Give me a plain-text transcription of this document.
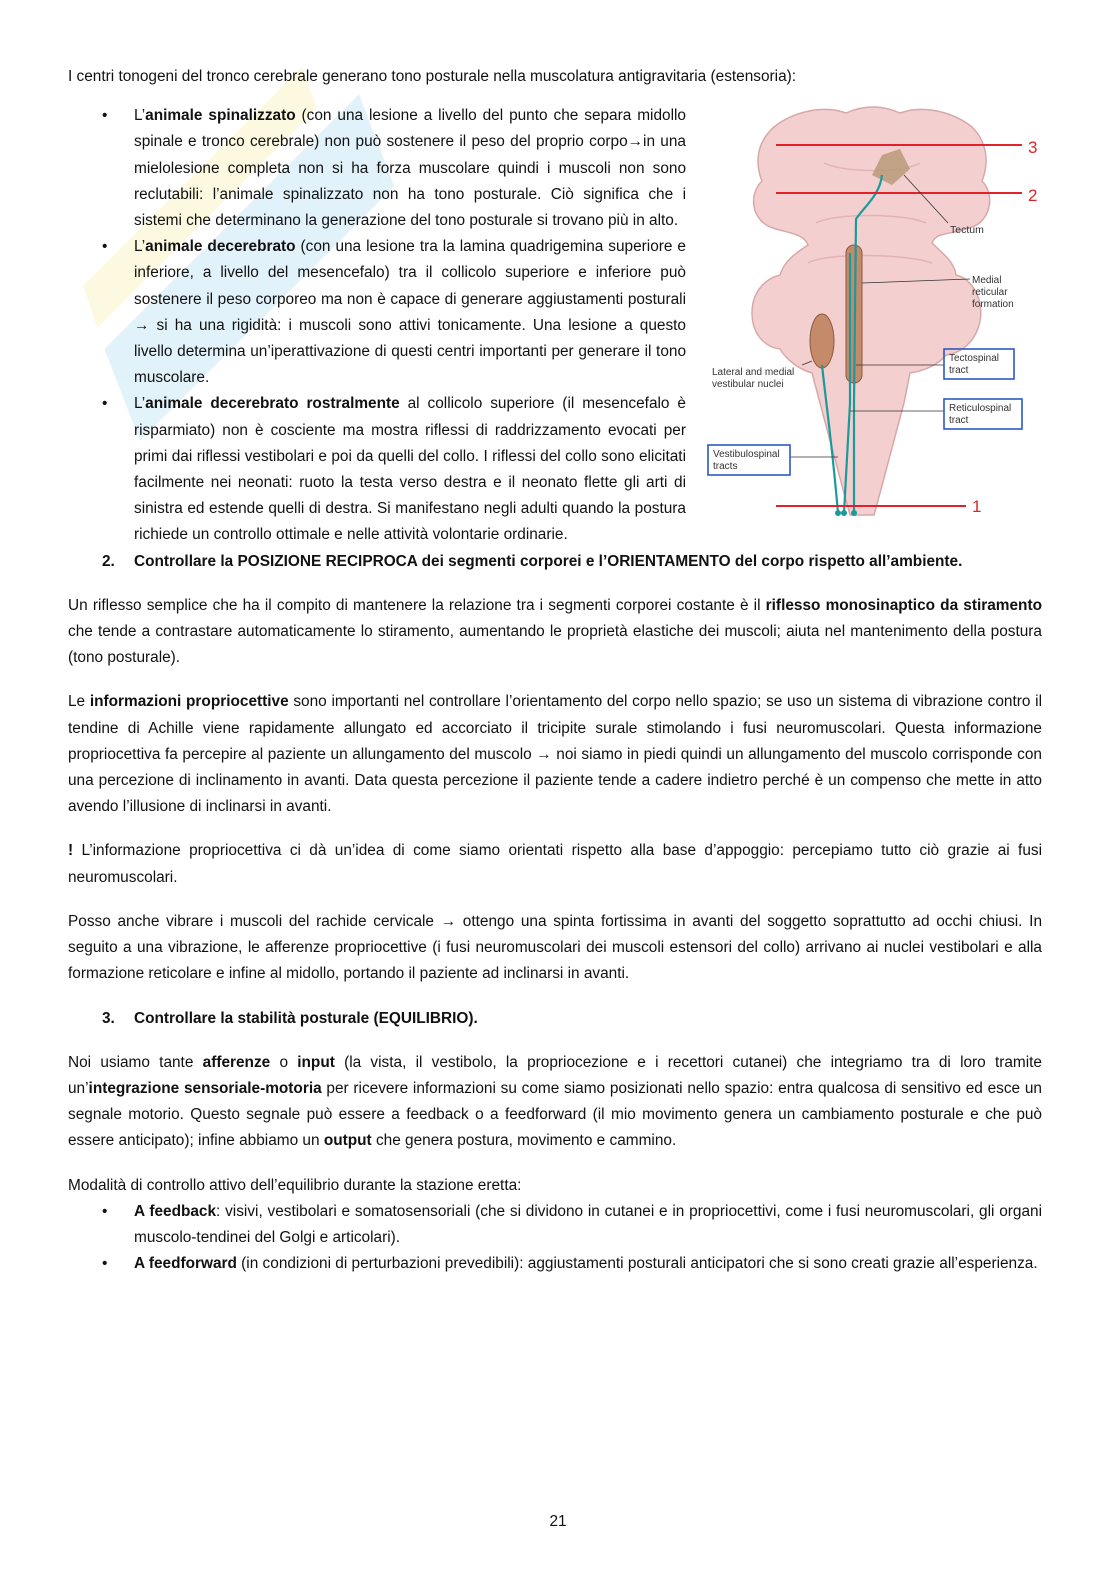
I centri tonogeni del tronco cerebrale generano tono posturale nella muscolatura antigravitaria (estensoria):

3
2
1
Tectum
Medial
reticular
formation
Tectospinal
tract
Reticulospinal
tract
Lateral and medial
vestibular nuclei
Vestibulospinal
tracts
• L’animale spinalizzato (con una lesione a livello del punto che separa midollo spinale e tronco cerebrale) non può sostenere il peso del proprio corpo→in una mielolesione completa non si ha forza muscolare quindi i muscoli non sono reclutabili: l’animale spinalizzato non ha tono posturale. Ciò significa che i sistemi che determinano la generazione del tono posturale si trovano più in alto.
• L’animale decerebrato (con una lesione tra la lamina quadrigemina superiore e inferiore, a livello del mesencefalo) tra il collicolo superiore e inferiore può sostenere il peso corporeo ma non è capace di generare aggiustamenti posturali → si ha una rigidità: i muscoli sono attivi tonicamente. Una lesione a questo livello determina un’iperattivazione di questi centri importanti per generare il tono muscolare.
• L’animale decerebrato rostralmente al collicolo superiore (il mesencefalo è risparmiato) non è cosciente ma mostra riflessi di raddrizzamento evocati per primi dai riflessi vestibolari e poi da quelli del collo. I riflessi del collo sono elicitati facilmente nei neonati: ruoto la testa verso destra e il neonato flette gli arti di sinistra ed estende quelli di destra. Si manifestano negli adulti quando la postura richiede un controllo ottimale e nelle attività volontarie ordinarie.
2. Controllare la POSIZIONE RECIPROCA dei segmenti corporei e l’ORIENTAMENTO del corpo rispetto all’ambiente.

Un riflesso semplice che ha il compito di mantenere la relazione tra i segmenti corporei costante è il riflesso monosinaptico da stiramento che tende a contrastare automaticamente lo stiramento, aumentando le proprietà elastiche dei muscoli; aiuta nel mantenimento della postura (tono posturale).

Le informazioni propriocettive sono importanti nel controllare l’orientamento del corpo nello spazio; se uso un sistema di vibrazione contro il tendine di Achille viene rapidamente allungato ed accorciato il tricipite surale stimolando i fusi neuromuscolari. Questa informazione propriocettiva fa percepire al paziente un allungamento del muscolo → noi siamo in piedi quindi un allungamento del muscolo corrisponde con una percezione di inclinamento in avanti. Data questa percezione il paziente tende a cadere indietro perché è un compenso che mette in atto avendo l’illusione di inclinarsi in avanti.

! L’informazione propriocettiva ci dà un’idea di come siamo orientati rispetto alla base d’appoggio: percepiamo tutto ciò grazie ai fusi neuromuscolari.

Posso anche vibrare i muscoli del rachide cervicale → ottengo una spinta fortissima in avanti del soggetto soprattutto ad occhi chiusi. In seguito a una vibrazione, le afferenze propriocettive (i fusi neuromuscolari dei muscoli estensori del collo) arrivano ai nuclei vestibolari e alla formazione reticolare e infine al midollo, portando il paziente ad inclinarsi in avanti.

3. Controllare la stabilità posturale (EQUILIBRIO).

Noi usiamo tante afferenze o input (la vista, il vestibolo, la propriocezione e i recettori cutanei) che integriamo tra di loro tramite un’integrazione sensoriale-motoria per ricevere informazioni su come siamo posizionati nello spazio: entra qualcosa di sensitivo ed esce un segnale motorio. Questo segnale può essere a feedback o a feedforward (il mio movimento genera un cambiamento posturale e che può essere anticipato); infine abbiamo un output che genera postura, movimento e cammino.

Modalità di controllo attivo dell’equilibrio durante la stazione eretta:

• A feedback: visivi, vestibolari e somatosensoriali (che si dividono in cutanei e in propriocettivi, come i fusi neuromuscolari, gli organi muscolo-tendinei del Golgi e articolari).
• A feedforward (in condizioni di perturbazioni prevedibili): aggiustamenti posturali anticipatori che si sono creati grazie all’esperienza.
21
